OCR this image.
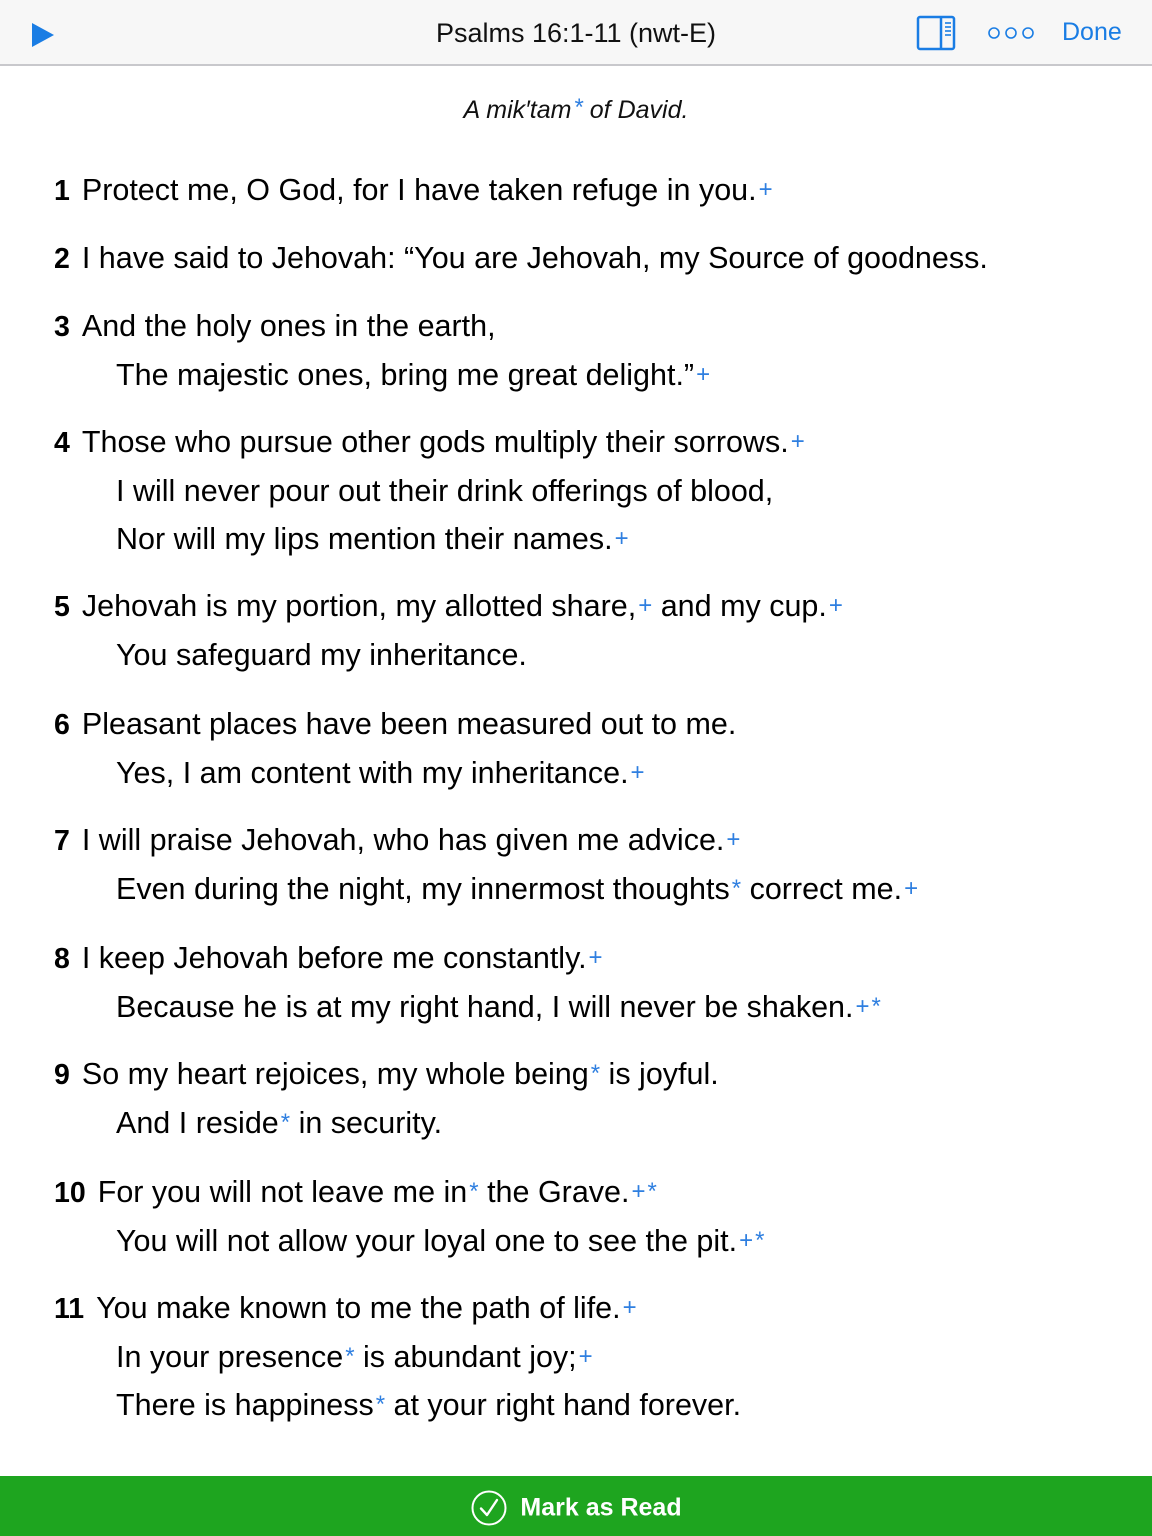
Psalms 16:1-11 (nwt-E)	Done
A mik′tam* of David.
1 Protect me, O God, for I have taken refuge in you.+
2 I have said to Jehovah: “You are Jehovah, my Source of goodness.
3 And the holy ones in the earth,
The majestic ones, bring me great delight.”+
4 Those who pursue other gods multiply their sorrows.+
I will never pour out their drink offerings of blood,
Nor will my lips mention their names.+
5 Jehovah is my portion, my allotted share,+ and my cup.+
You safeguard my inheritance.
6 Pleasant places have been measured out to me.
Yes, I am content with my inheritance.+
7 I will praise Jehovah, who has given me advice.+
Even during the night, my innermost thoughts* correct me.+
8 I keep Jehovah before me constantly.+
Because he is at my right hand, I will never be shaken.+*
9 So my heart rejoices, my whole being* is joyful.
And I reside* in security.
10 For you will not leave me in* the Grave.+*
You will not allow your loyal one to see the pit.+*
11 You make known to me the path of life.+
In your presence* is abundant joy;+
There is happiness* at your right hand forever.
Mark as Read
